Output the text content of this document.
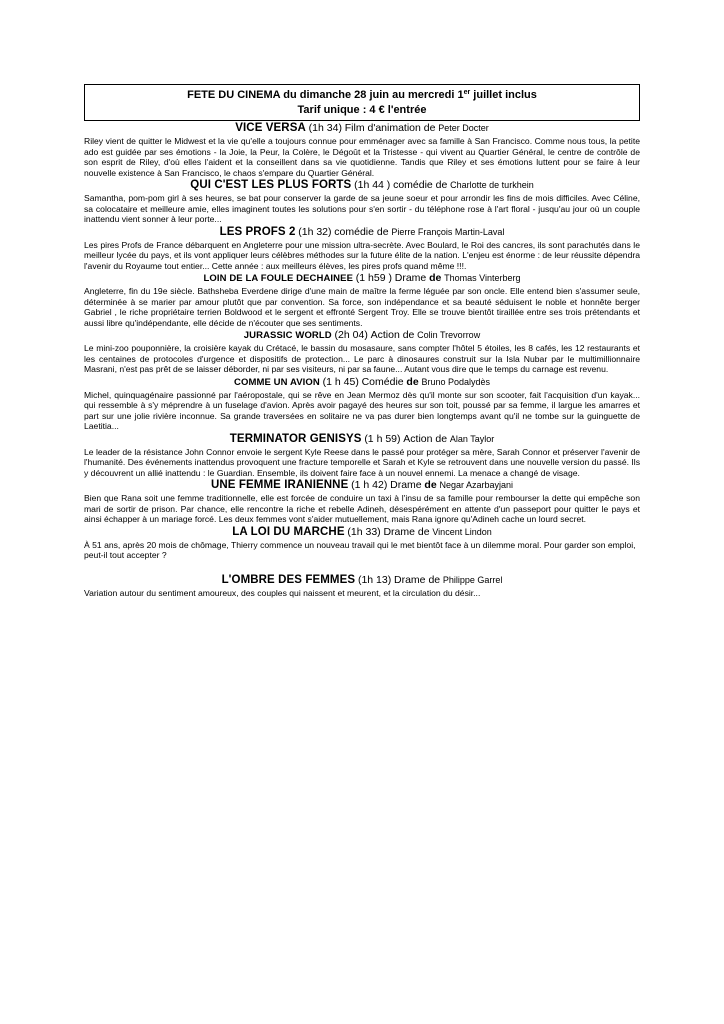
FETE DU CINEMA du dimanche 28 juin au mercredi 1er juillet inclus
Tarif unique : 4 € l'entrée
VICE VERSA (1h 34) Film d'animation de Peter Docter

Riley vient de quitter le Midwest et la vie qu'elle a toujours connue pour emménager avec sa famille à San Francisco. Comme nous tous, la petite ado est guidée par ses émotions - la Joie, la Peur, la Colère, le Dégoût et la Tristesse - qui vivent au Quartier Général, le centre de contrôle de son esprit de Riley, d'où elles l'aident et la conseillent dans sa vie quotidienne. Tandis que Riley et ses émotions luttent pour se faire à leur nouvelle existence à San Francisco, le chaos s'empare du Quartier Général.

QUI C'EST LES PLUS FORTS (1h 44 ) comédie de Charlotte de turkhein

Samantha, pom-pom girl à ses heures, se bat pour conserver la garde de sa jeune soeur et pour arrondir les fins de mois difficiles. Avec Céline, sa colocataire et meilleure amie, elles imaginent toutes les solutions pour s'en sortir - du téléphone rose à l'art floral - jusqu'au jour où un couple inattendu vient sonner à leur porte...

LES PROFS 2 (1h 32) comédie de Pierre François Martin-Laval

Les pires Profs de France débarquent en Angleterre pour une mission ultra-secrète. Avec Boulard, le Roi des cancres, ils sont parachutés dans le meilleur lycée du pays, et ils vont appliquer leurs célèbres méthodes sur la future élite de la nation. L'enjeu est énorme : de leur réussite dépendra l'avenir du Royaume tout entier... Cette année : aux meilleurs élèves, les pires profs quand même !!!.

LOIN DE LA FOULE DECHAINEE (1 h59 ) Drame de Thomas Vinterberg

Angleterre, fin du 19e siècle. Bathsheba Everdene dirige d'une main de maître la ferme léguée par son oncle. Elle entend bien s'assumer seule, déterminée à se marier par amour plutôt que par convention. Sa force, son indépendance et sa beauté séduisent le noble et honnête berger Gabriel , le riche propriétaire terrien Boldwood et le sergent et effronté Sergent Troy. Elle se trouve bientôt tiraillée entre ses trois prétendants et aussi libre qu'indépendante, elle décide de n'écouter que ses sentiments.

JURASSIC WORLD (2h 04) Action de Colin Trevorrow

Le mini-zoo pouponnière, la croisière kayak du Crétacé, le bassin du mosasaure, sans compter l'hôtel 5 étoiles, les 8 cafés, les 12 restaurants et les centaines de protocoles d'urgence et dispositifs de protection... Le parc à dinosaures construit sur la Isla Nubar par le multimillionnaire Masrani, n'est pas prêt de se laisser déborder, ni par ses visiteurs, ni par sa faune... Autant vous dire que le temps du carnage est revenu.

COMME UN AVION (1 h 45) Comédie de Bruno Podalydès

Michel, quinquagénaire passionné par l'aéropostale, qui se rêve en Jean Mermoz dès qu'il monte sur son scooter, fait l'acquisition d'un kayak... qui ressemble à s'y méprendre à un fuselage d'avion. Après avoir pagayé des heures sur son toit, poussé par sa femme, il largue les amarres et part sur une jolie rivière inconnue. Sa grande traversées en solitaire ne va pas durer bien longtemps avant qu'il ne tombe sur la guinguette de Laetitia...

TERMINATOR GENISYS (1 h 59) Action de Alan Taylor

Le leader de la résistance John Connor envoie le sergent Kyle Reese dans le passé pour protéger sa mère, Sarah Connor et préserver l'avenir de l'humanité. Des événements inattendus provoquent une fracture temporelle et Sarah et Kyle se retrouvent dans une nouvelle version du passé. Ils y découvrent un allié inattendu : le Guardian. Ensemble, ils doivent faire face à un nouvel ennemi. La menace a changé de visage.

UNE FEMME IRANIENNE (1 h 42) Drame de Negar Azarbayjani

Bien que Rana soit une femme traditionnelle, elle est forcée de conduire un taxi à l'insu de sa famille pour rembourser la dette qui empêche son mari de sortir de prison. Par chance, elle rencontre la riche et rebelle Adineh, désespérément en attente d'un passeport pour quitter le pays et ainsi échapper à un mariage forcé. Les deux femmes vont s'aider mutuellement, mais Rana ignore qu'Adineh cache un lourd secret.

LA LOI DU MARCHE (1h 33) Drame de Vincent Lindon

À 51 ans, après 20 mois de chômage, Thierry commence un nouveau travail qui le met bientôt face à un dilemme moral. Pour garder son emploi, peut-il tout accepter ?

L'OMBRE DES FEMMES (1h 13) Drame de Philippe Garrel

Variation autour du sentiment amoureux, des couples qui naissent et meurent, et la circulation du désir...
